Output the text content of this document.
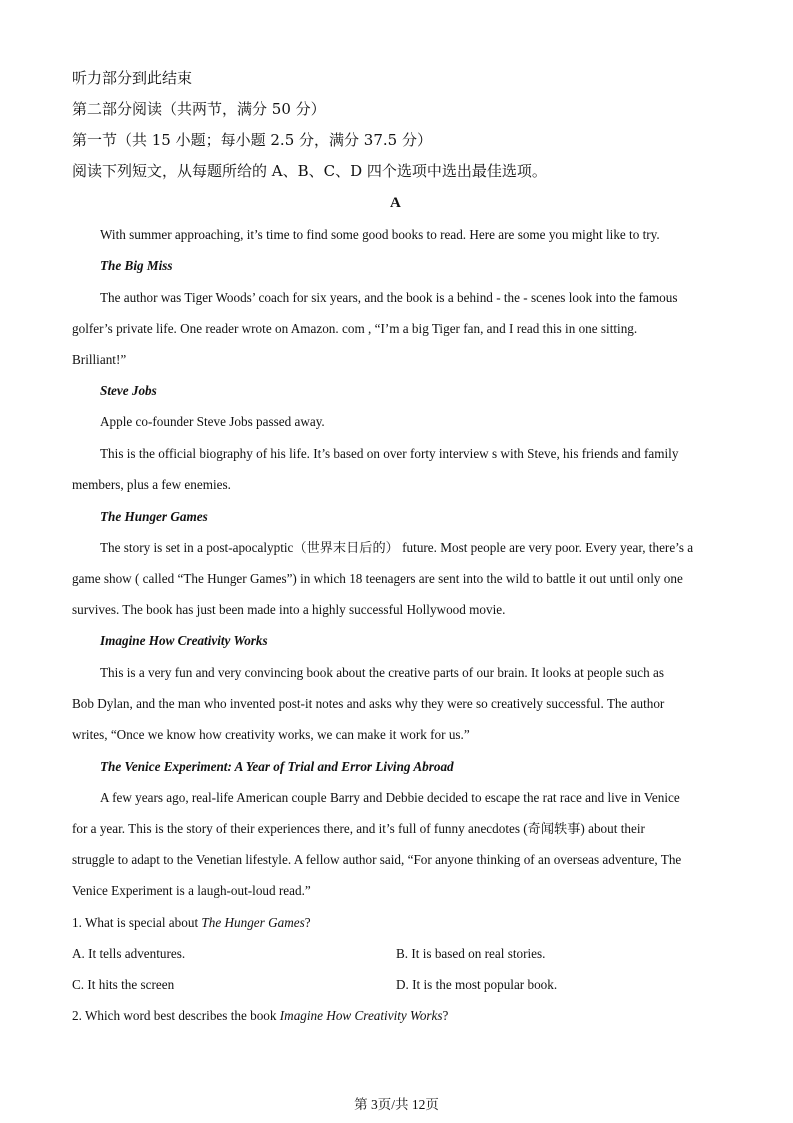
听力部分到此结束
第二部分阅读（共两节，满分 50 分）
第一节（共 15 小题；每小题 2.5 分，满分 37.5 分）
阅读下列短文，从每题所给的 A、B、C、D 四个选项中选出最佳选项。
A
With summer approaching, it’s time to find some good books to read. Here are some you might like to try.
The Big Miss
The author was Tiger Woods’ coach for six years, and the book is a behind - the - scenes look into the famous
golfer’s private life. One reader wrote on Amazon. com , “I’m a big Tiger fan, and I read this in one sitting.
Brilliant!”
Steve Jobs
Apple co-founder Steve Jobs passed away.
This is the official biography of his life. It’s based on over forty interview s with Steve, his friends and family
members, plus a few enemies.
The Hunger Games
The story is set in a post-apocalyptic（世界末日后的） future. Most people are very poor. Every year, there’s a
game show ( called “The Hunger Games”) in which 18 teenagers are sent into the wild to battle it out until only one
survives. The book has just been made into a highly successful Hollywood movie.
Imagine How Creativity Works
This is a very fun and very convincing book about the creative parts of our brain. It looks at people such as
Bob Dylan, and the man who invented post-it notes and asks why they were so creatively successful. The author
writes, “Once we know how creativity works, we can make it work for us.”
The Venice Experiment: A Year of Trial and Error Living Abroad
A few years ago, real-life American couple Barry and Debbie decided to escape the rat race and live in Venice
for a year. This is the story of their experiences there, and it’s full of funny anecdotes (奇闻轶事) about their
struggle to adapt to the Venetian lifestyle. A fellow author said, “For anyone thinking of an overseas adventure, The
Venice Experiment is a laugh-out-loud read.”
1. What is special about The Hunger Games?
A. It tells adventures.	B. It is based on real stories.
C. It hits the screen	D. It is the most popular book.
2. Which word best describes the book Imagine How Creativity Works?
第 3页/共 12页
